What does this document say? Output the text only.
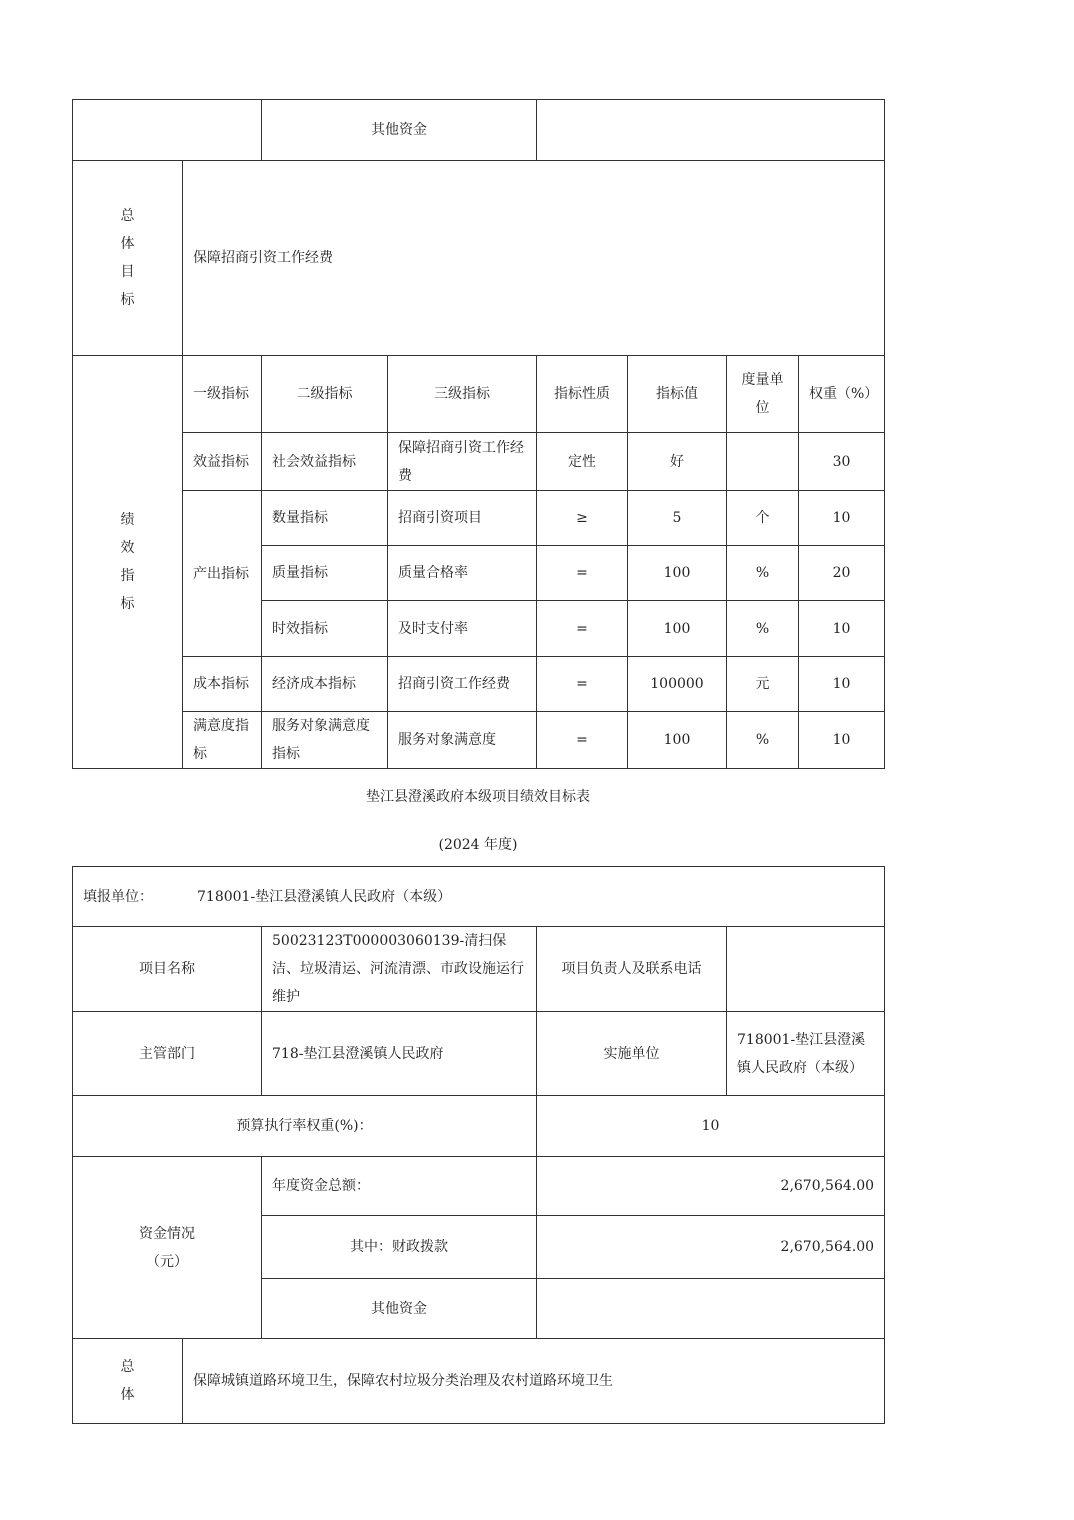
		其他资金					

总
体
目
标	保障招商引资工作经费						

绩
效
指
标	一级指标	二级指标	三级指标	指标性质	指标值	度量单位	权重（%）
	效益指标	社会效益指标	保障招商引资工作经费	定性	好		30
	产出指标	数量指标	招商引资项目	≥	5	个	10
		质量指标	质量合格率	=	100	%	20
		时效指标	及时支付率	=	100	%	10
	成本指标	经济成本指标	招商引资工作经费	=	100000	元	10
	满意度指标	服务对象满意度指标	服务对象满意度	=	100	%	10
垫江县澄溪政府本级项目绩效目标表
(2024 年度)
填报单位： 718001-垫江县澄溪镇人民政府（本级）				
项目名称		50023123T000003060139-清扫保洁、垃圾清运、河流清漂、市政设施运行维护	项目负责人及联系电话	
主管部门		718-垫江县澄溪镇人民政府	实施单位	718001-垫江县澄溪镇人民政府（本级）
预算执行率权重(%)：			10	

资金情况
（元）		年度资金总额：	2,670,564.00	
		其中：财政拨款	2,670,564.00	
		其他资金		

总
体	保障城镇道路环境卫生，保障农村垃圾分类治理及农村道路环境卫生			
